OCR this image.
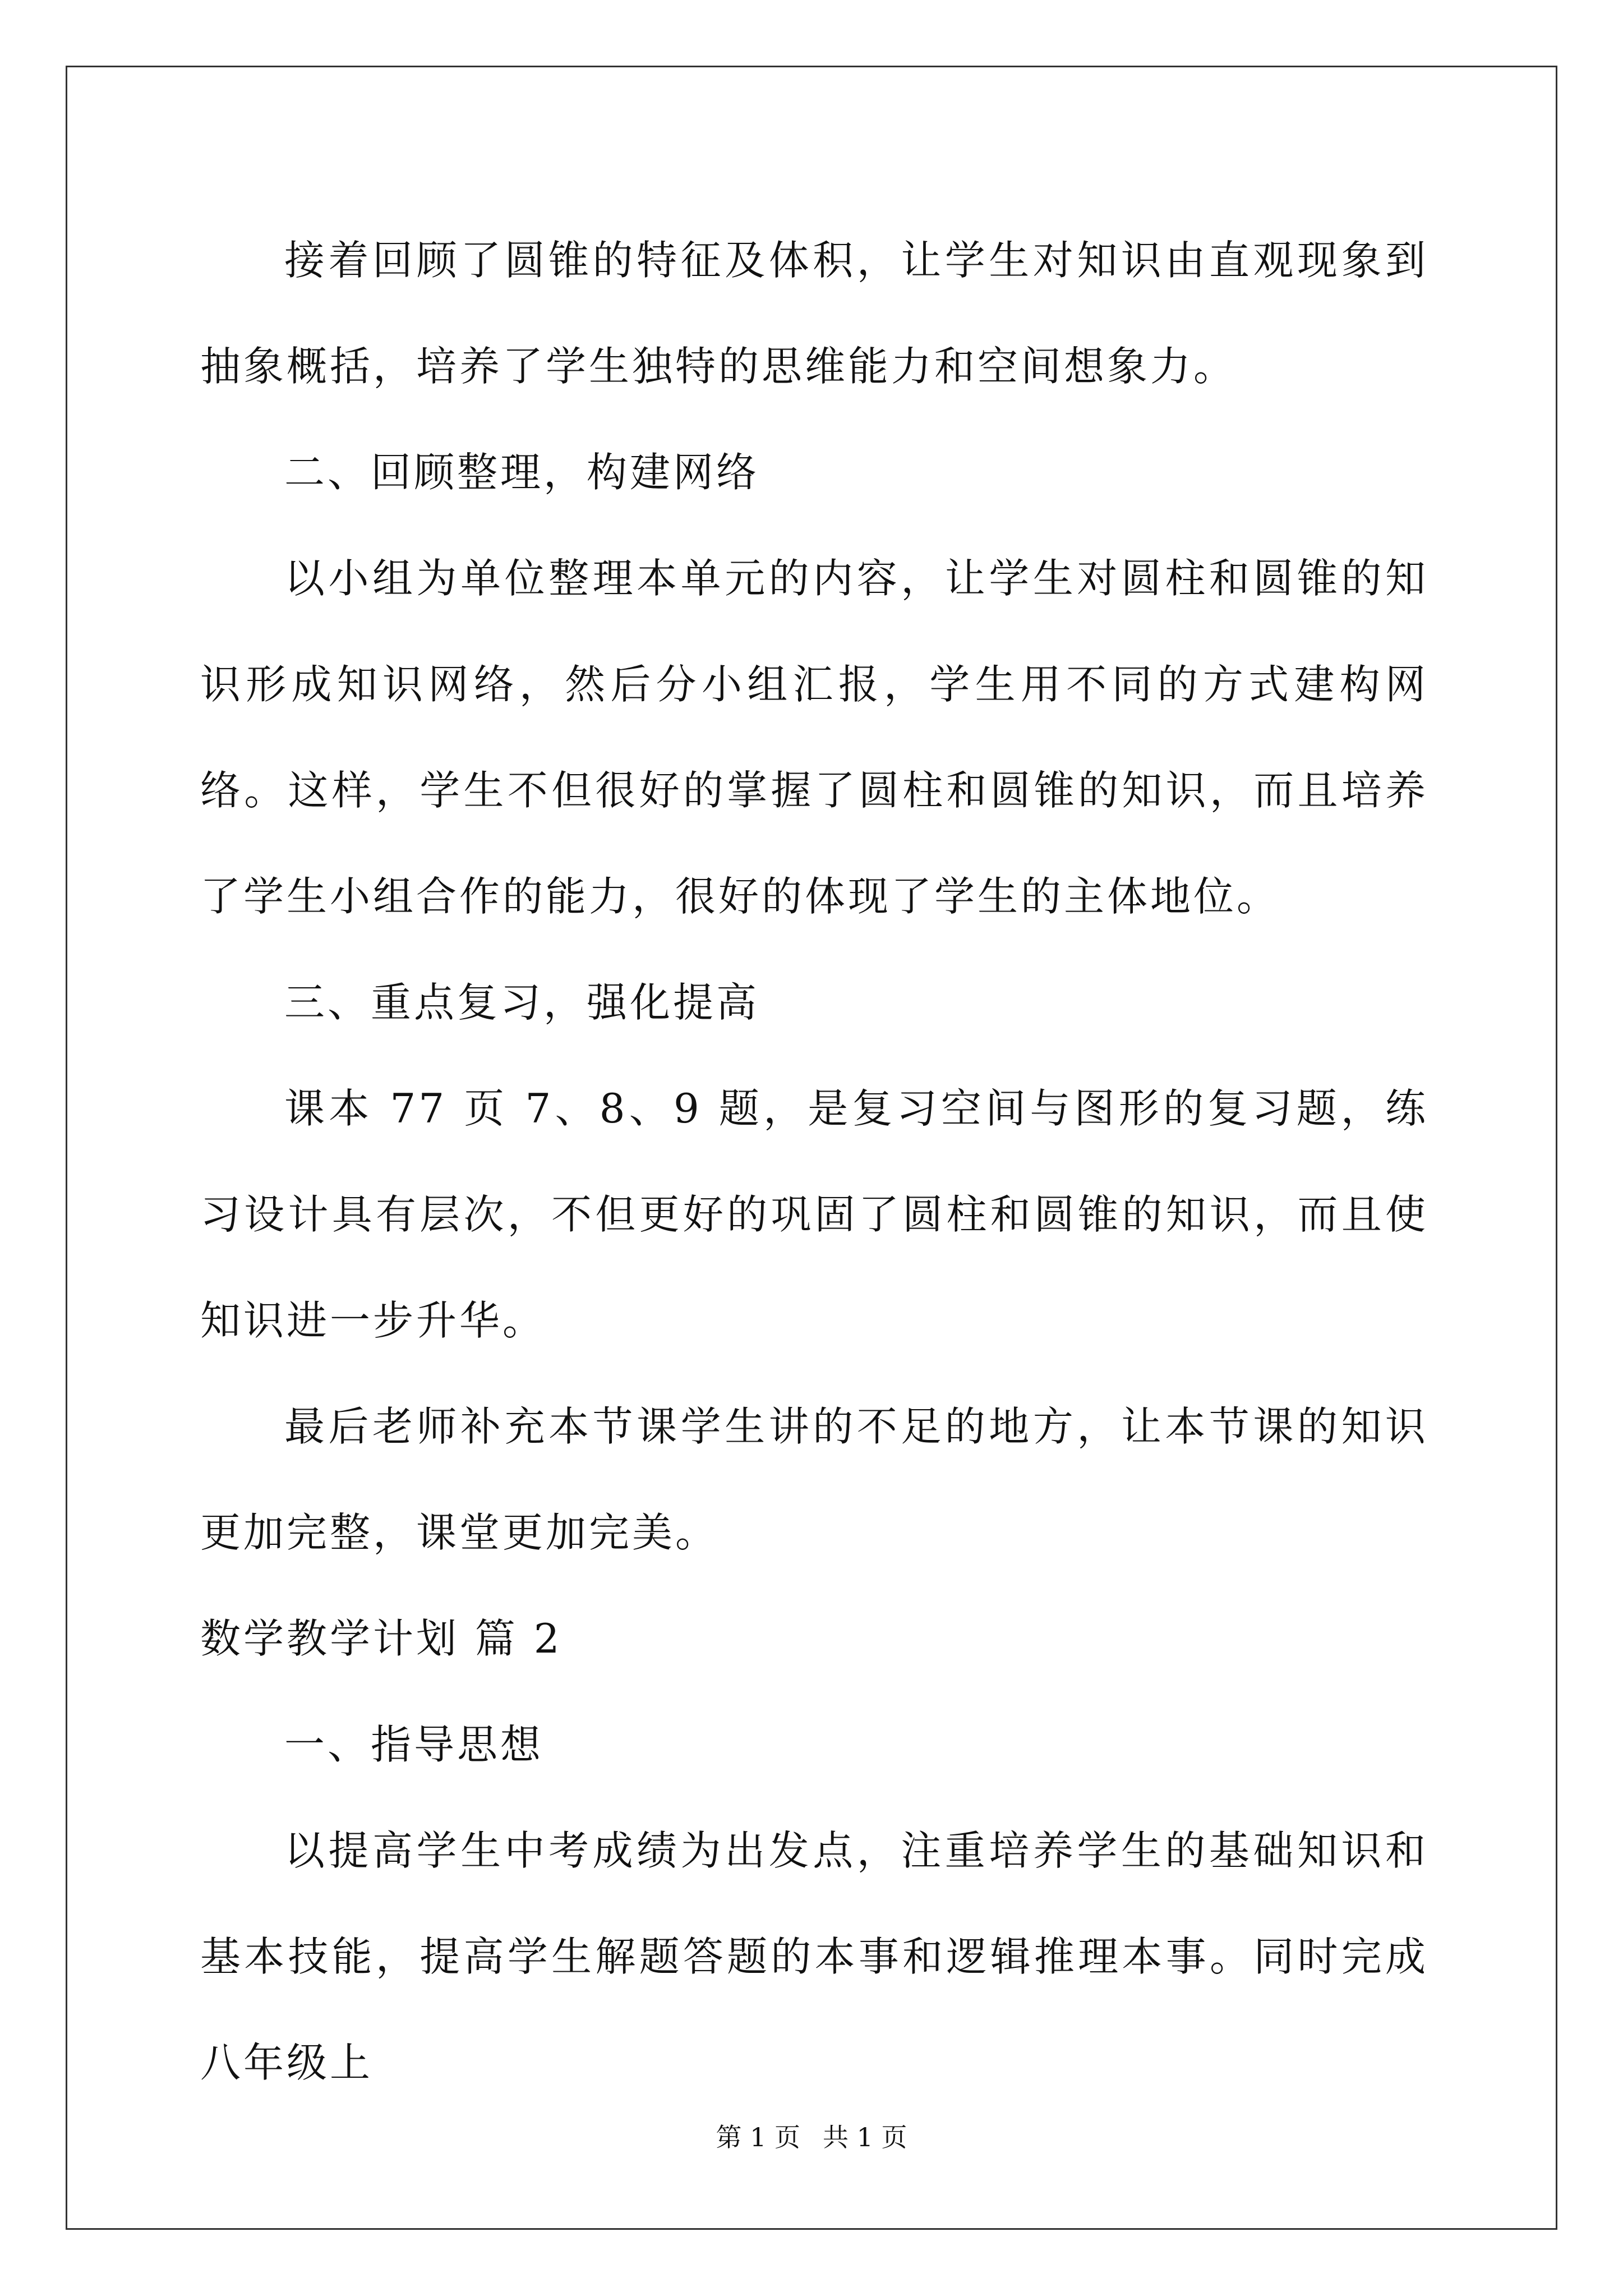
接着回顾了圆锥的特征及体积，让学生对知识由直观现象到抽象概括，培养了学生独特的思维能力和空间想象力。

二、回顾整理，构建网络

以小组为单位整理本单元的内容，让学生对圆柱和圆锥的知识形成知识网络，然后分小组汇报，学生用不同的方式建构网络。这样，学生不但很好的掌握了圆柱和圆锥的知识，而且培养了学生小组合作的能力，很好的体现了学生的主体地位。

三、重点复习，强化提高

课本 77 页 7、8、9 题，是复习空间与图形的复习题，练习设计具有层次，不但更好的巩固了圆柱和圆锥的知识，而且使知识进一步升华。

最后老师补充本节课学生讲的不足的地方，让本节课的知识更加完整，课堂更加完美。

数学教学计划 篇 2

一、指导思想

以提高学生中考成绩为出发点，注重培养学生的基础知识和基本技能，提高学生解题答题的本事和逻辑推理本事。同时完成八年级上

第 1 页 共 1 页
